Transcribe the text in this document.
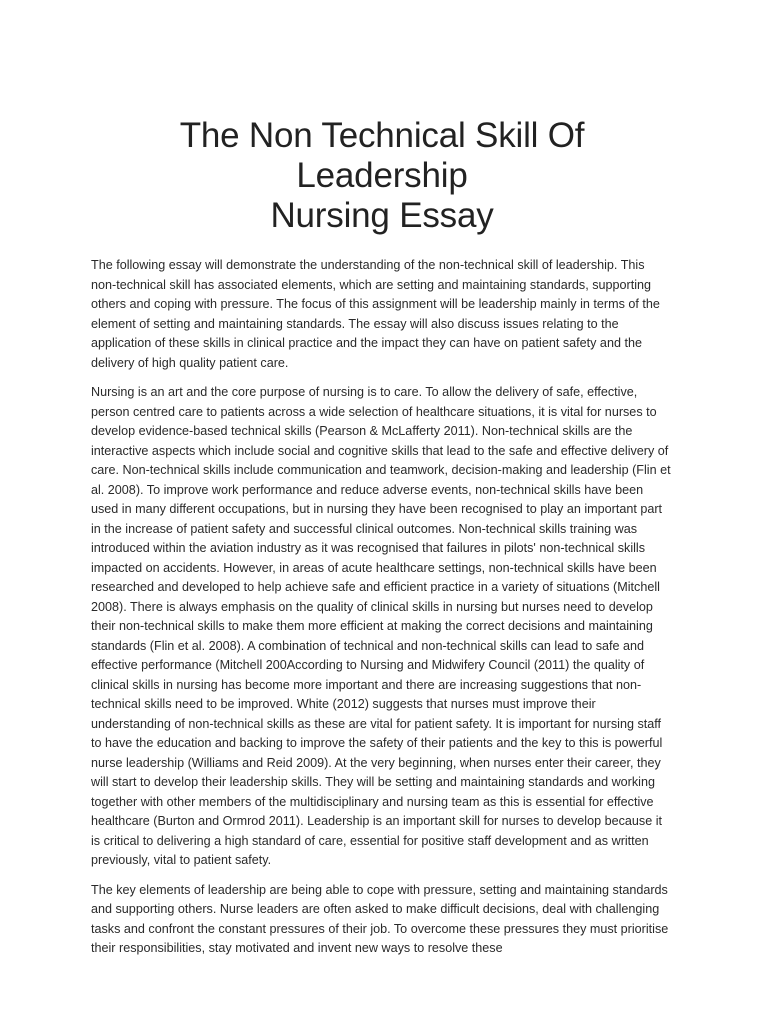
The Non Technical Skill Of Leadership
Nursing Essay

The following essay will demonstrate the understanding of the non-technical skill of leadership. This non-technical skill has associated elements, which are setting and maintaining standards, supporting others and coping with pressure. The focus of this assignment will be leadership mainly in terms of the element of setting and maintaining standards. The essay will also discuss issues relating to the application of these skills in clinical practice and the impact they can have on patient safety and the delivery of high quality patient care.

Nursing is an art and the core purpose of nursing is to care. To allow the delivery of safe, effective, person centred care to patients across a wide selection of healthcare situations, it is vital for nurses to develop evidence-based technical skills (Pearson & McLafferty 2011). Non-technical skills are the interactive aspects which include social and cognitive skills that lead to the safe and effective delivery of care. Non-technical skills include communication and teamwork, decision-making and leadership (Flin et al. 2008). To improve work performance and reduce adverse events, non-technical skills have been used in many different occupations, but in nursing they have been recognised to play an important part in the increase of patient safety and successful clinical outcomes. Non-technical skills training was introduced within the aviation industry as it was recognised that failures in pilots' non-technical skills impacted on accidents. However, in areas of acute healthcare settings, non-technical skills have been researched and developed to help achieve safe and efficient practice in a variety of situations (Mitchell 2008). There is always emphasis on the quality of clinical skills in nursing but nurses need to develop their non-technical skills to make them more efficient at making the correct decisions and maintaining standards (Flin et al. 2008). A combination of technical and non-technical skills can lead to safe and effective performance (Mitchell 200According to Nursing and Midwifery Council (2011) the quality of clinical skills in nursing has become more important and there are increasing suggestions that non-technical skills need to be improved. White (2012) suggests that nurses must improve their understanding of non-technical skills as these are vital for patient safety. It is important for nursing staff to have the education and backing to improve the safety of their patients and the key to this is powerful nurse leadership (Williams and Reid 2009). At the very beginning, when nurses enter their career, they will start to develop their leadership skills. They will be setting and maintaining standards and working together with other members of the multidisciplinary and nursing team as this is essential for effective healthcare (Burton and Ormrod 2011). Leadership is an important skill for nurses to develop because it is critical to delivering a high standard of care, essential for positive staff development and as written previously, vital to patient safety.

The key elements of leadership are being able to cope with pressure, setting and maintaining standards and supporting others. Nurse leaders are often asked to make difficult decisions, deal with challenging tasks and confront the constant pressures of their job. To overcome these pressures they must prioritise their responsibilities, stay motivated and invent new ways to resolve these
